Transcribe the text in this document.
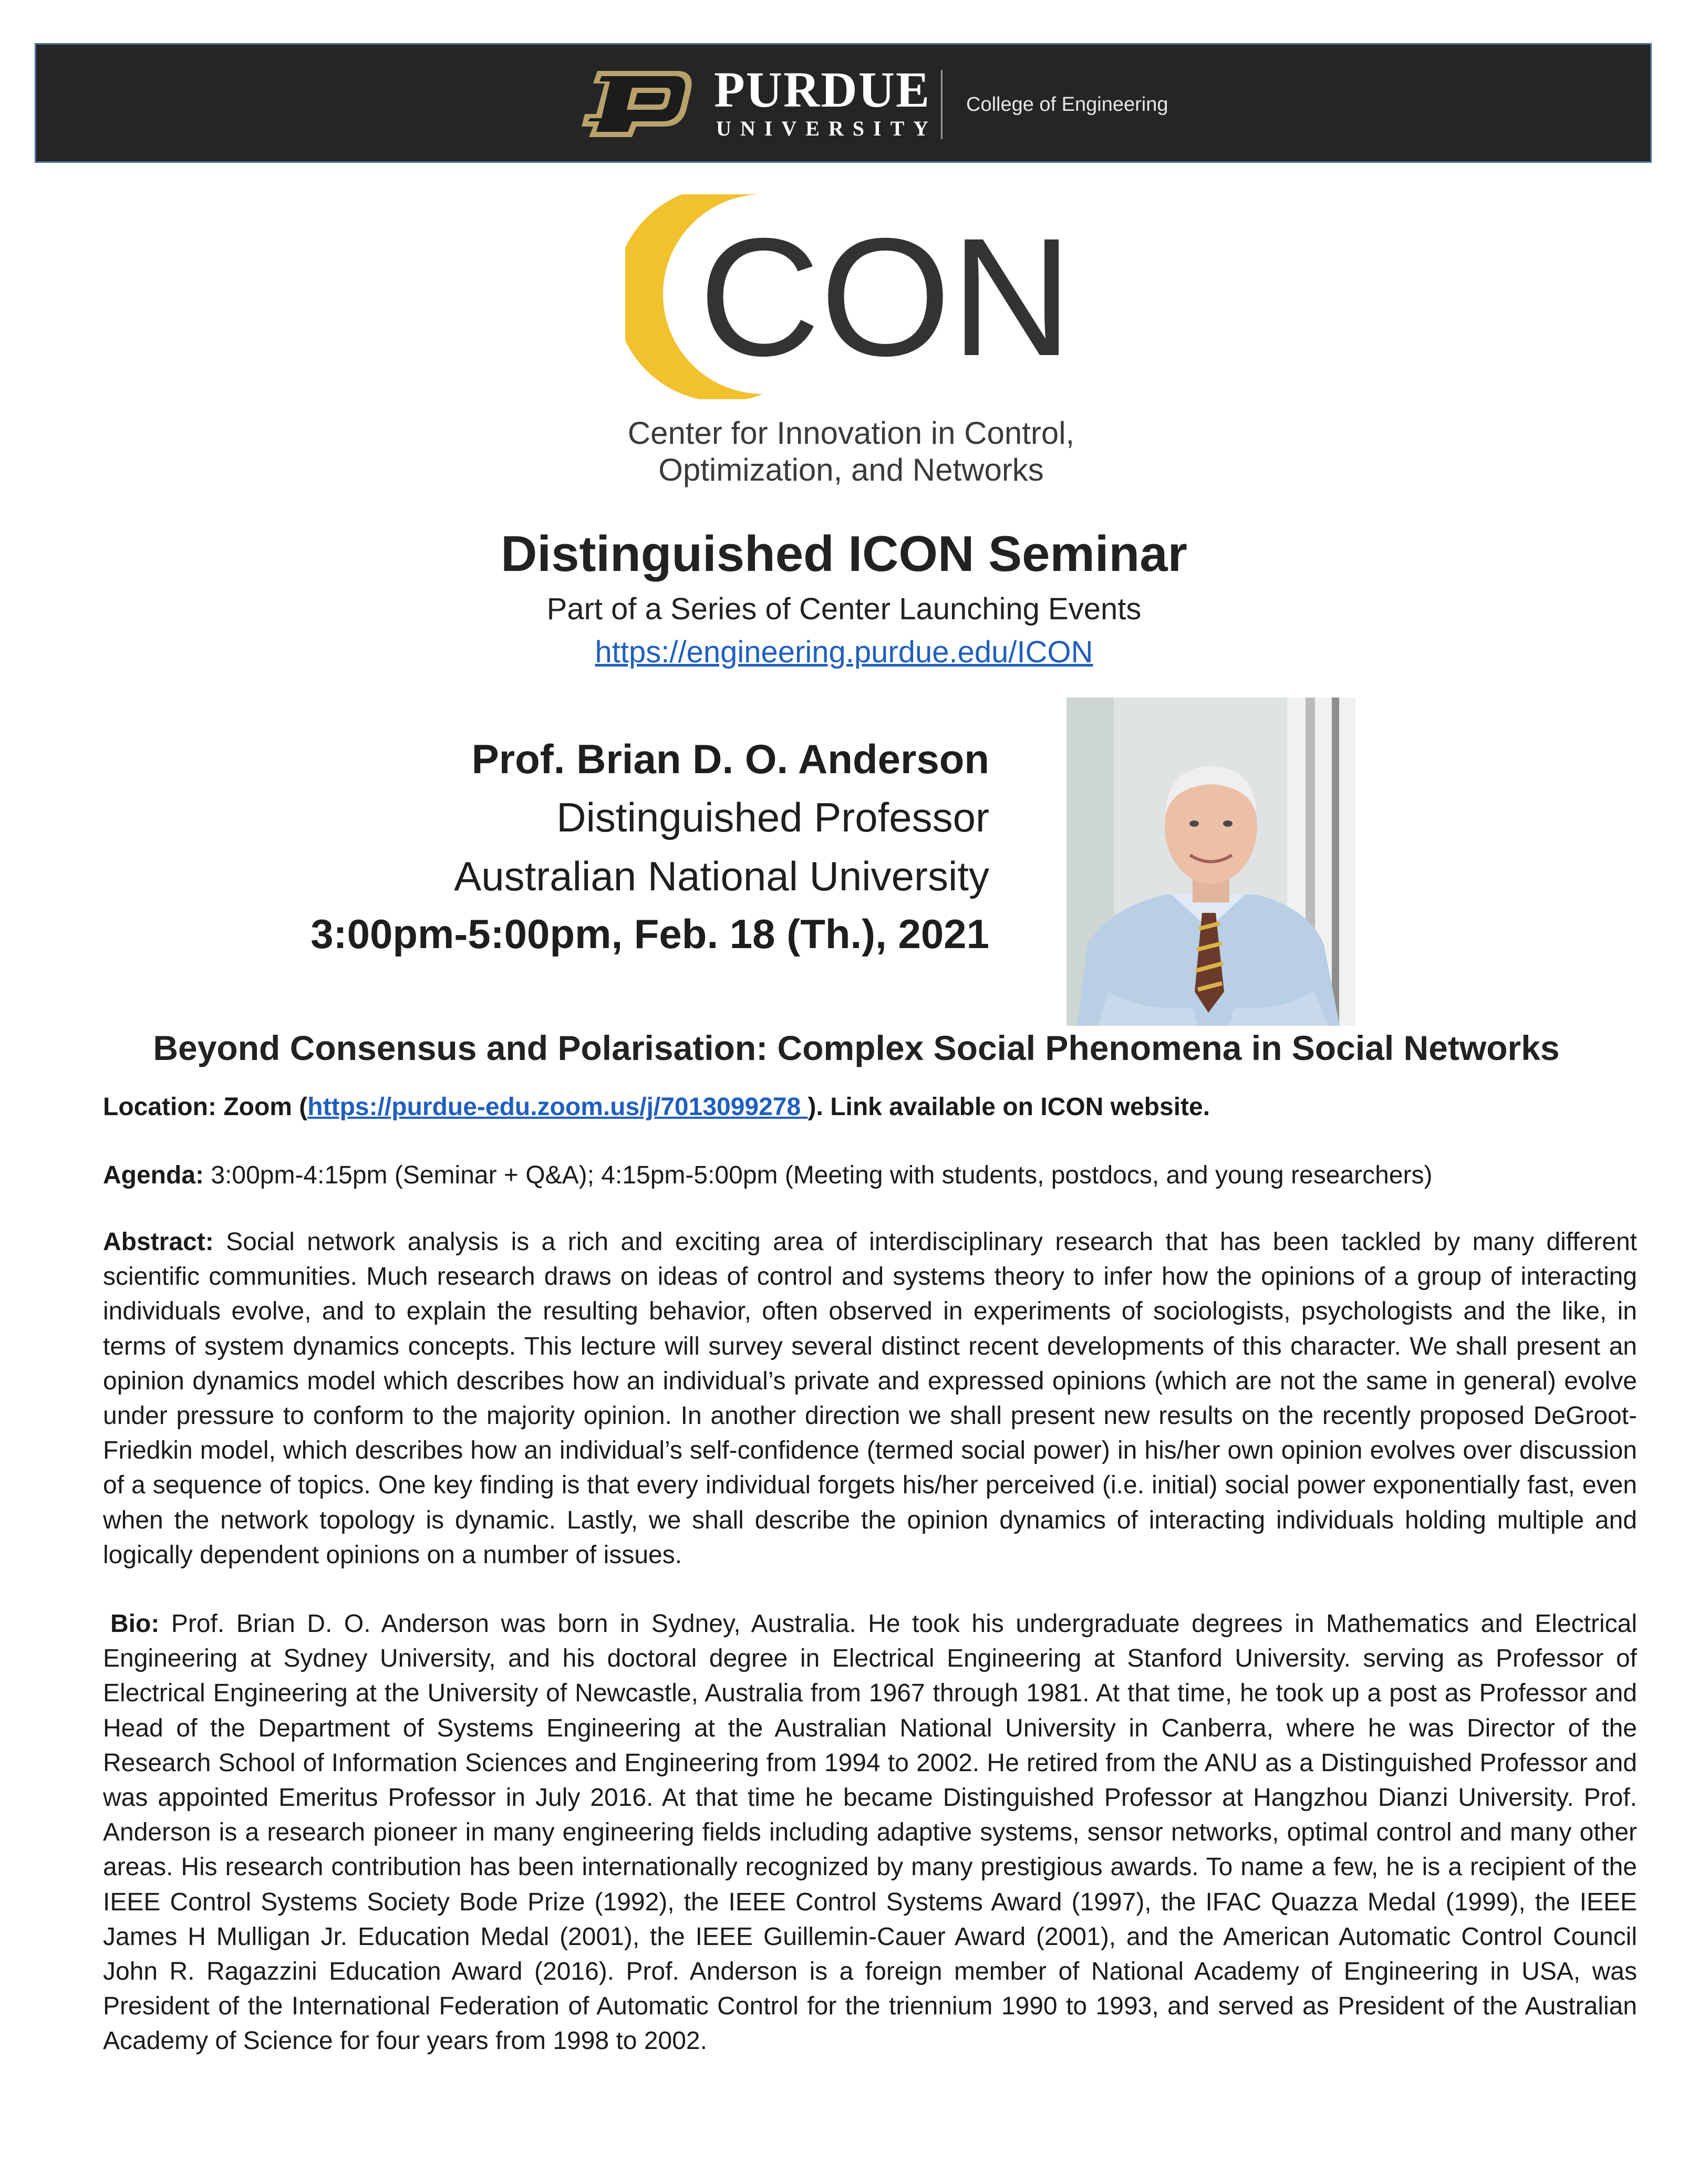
PURDUE
UNIVERSITY
College of Engineering
CON
Center for Innovation in Control,
Optimization, and Networks
Distinguished ICON Seminar
Part of a Series of Center Launching Events
https://engineering.purdue.edu/ICON
Prof. Brian D. O. Anderson
Distinguished Professor
Australian National University
3:00pm-5:00pm, Feb. 18 (Th.), 2021
Beyond Consensus and Polarisation: Complex Social Phenomena in Social Networks
Location: Zoom (https://purdue-edu.zoom.us/j/7013099278 ). Link available on ICON website.
Agenda: 3:00pm-4:15pm (Seminar + Q&A); 4:15pm-5:00pm (Meeting with students, postdocs, and young researchers)
Abstract: Social network analysis is a rich and exciting area of interdisciplinary research that has been tackled by many different scientific communities. Much research draws on ideas of control and systems theory to infer how the opinions of a group of interacting individuals evolve, and to explain the resulting behavior, often observed in experiments of sociologists, psychologists and the like, in terms of system dynamics concepts. This lecture will survey several distinct recent developments of this character. We shall present an opinion dynamics model which describes how an individual’s private and expressed opinions (which are not the same in general) evolve under pressure to conform to the majority opinion. In another direction we shall present new results on the recently proposed DeGroot-Friedkin model, which describes how an individual’s self-confidence (termed social power) in his/her own opinion evolves over discussion of a sequence of topics. One key finding is that every individual forgets his/her perceived (i.e. initial) social power exponentially fast, even when the network topology is dynamic. Lastly, we shall describe the opinion dynamics of interacting individuals holding multiple and logically dependent opinions on a number of issues.
Bio: Prof. Brian D. O. Anderson was born in Sydney, Australia. He took his undergraduate degrees in Mathematics and Electrical Engineering at Sydney University, and his doctoral degree in Electrical Engineering at Stanford University. serving as Professor of Electrical Engineering at the University of Newcastle, Australia from 1967 through 1981. At that time, he took up a post as Professor and Head of the Department of Systems Engineering at the Australian National University in Canberra, where he was Director of the Research School of Information Sciences and Engineering from 1994 to 2002. He retired from the ANU as a Distinguished Professor and was appointed Emeritus Professor in July 2016. At that time he became Distinguished Professor at Hangzhou Dianzi University. Prof. Anderson is a research pioneer in many engineering fields including adaptive systems, sensor networks, optimal control and many other areas. His research contribution has been internationally recognized by many prestigious awards. To name a few, he is a recipient of the IEEE Control Systems Society Bode Prize (1992), the IEEE Control Systems Award (1997), the IFAC Quazza Medal (1999), the IEEE James H Mulligan Jr. Education Medal (2001), the IEEE Guillemin-Cauer Award (2001), and the American Automatic Control Council John R. Ragazzini Education Award (2016). Prof. Anderson is a foreign member of National Academy of Engineering in USA, was President of the International Federation of Automatic Control for the triennium 1990 to 1993, and served as President of the Australian Academy of Science for four years from 1998 to 2002.
